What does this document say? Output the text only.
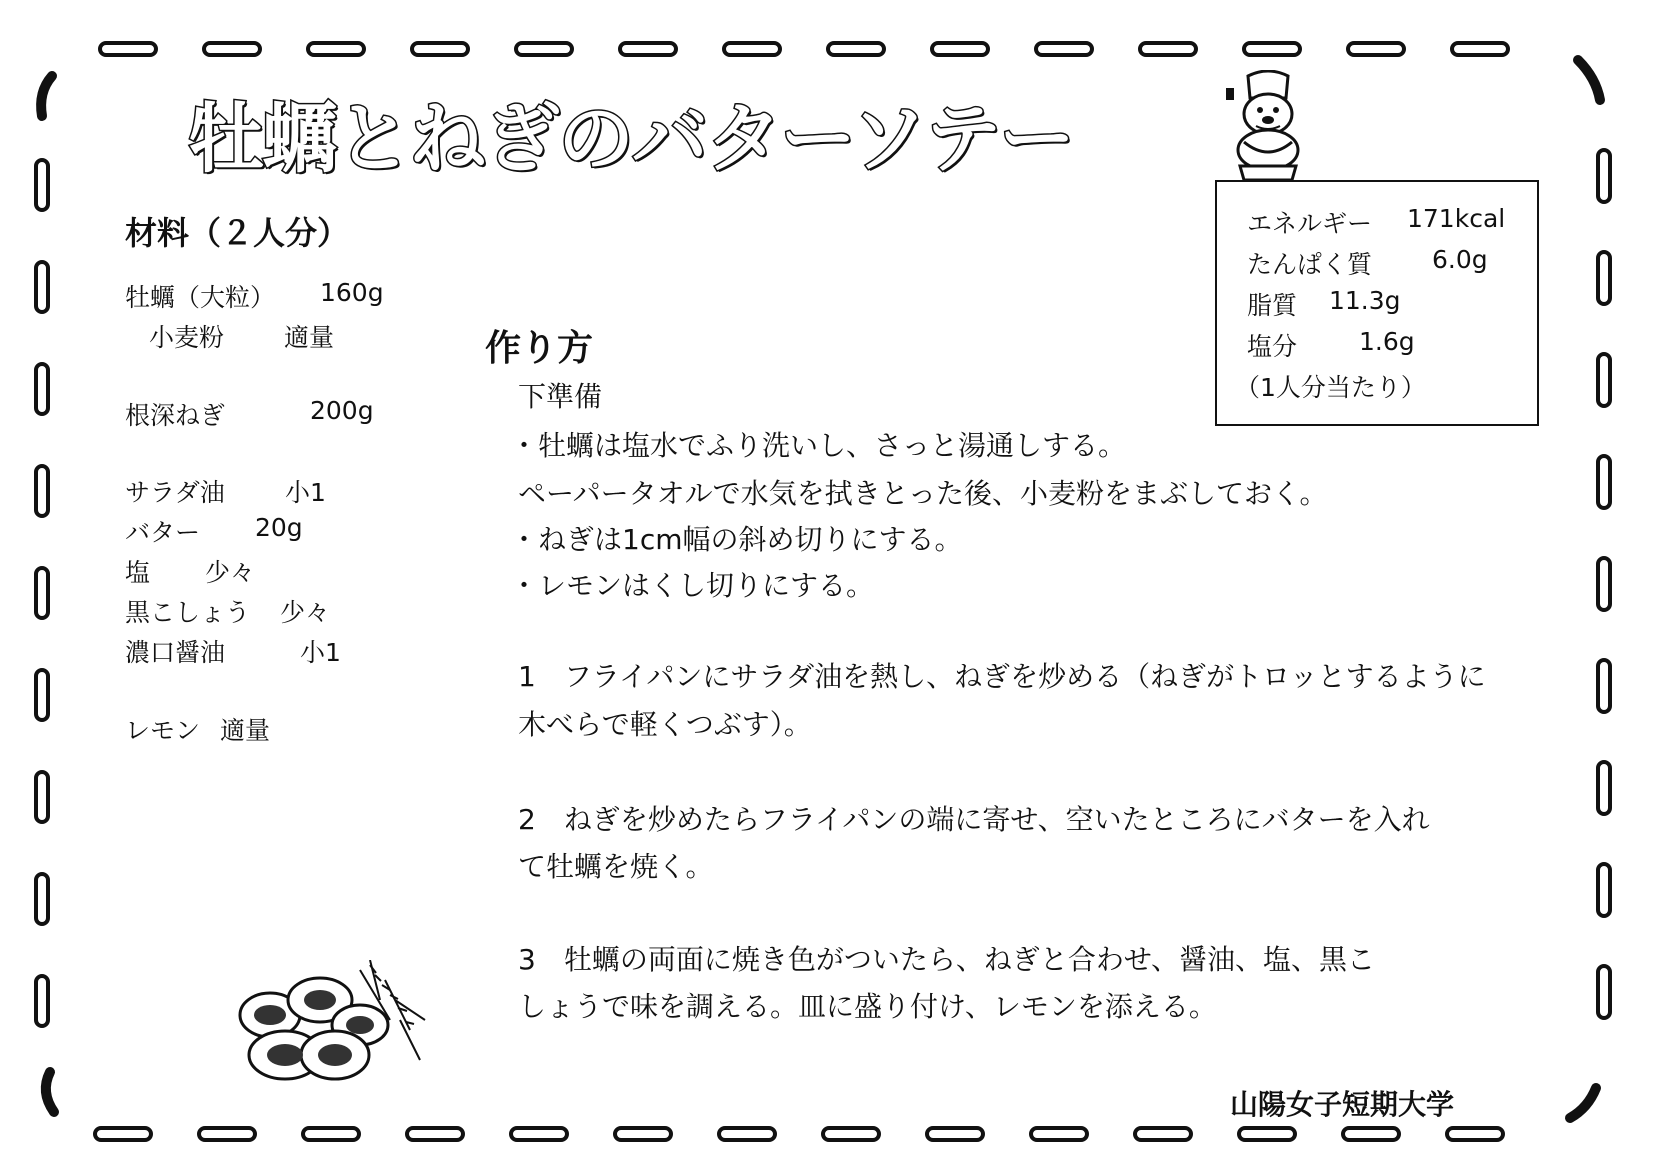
牡蠣とねぎのバターソテー
材料（２人分）
牡蠣（大粒） 160g
小麦粉 適量
根深ねぎ	200g
サラダ油 小1
バター 20g
塩 少々
黒こしょう 少々
濃口醤油	小1
レモン 適量
エネルギー 171kcal
たんぱく質 6.0g
脂質 11.3g
塩分 1.6g
（1人分当たり）
作り方
下準備
・牡蠣は塩水でふり洗いし、さっと湯通しする。
ペーパータオルで水気を拭きとった後、小麦粉をまぶしておく。
・ねぎは1cm幅の斜め切りにする。
・レモンはくし切りにする。
1　フライパンにサラダ油を熱し、ねぎを炒める（ねぎがトロッとするように
木べらで軽くつぶす）。
2　ねぎを炒めたらフライパンの端に寄せ、空いたところにバターを入れ
て牡蠣を焼く。
3　牡蠣の両面に焼き色がついたら、ねぎと合わせ、醤油、塩、黒こ
しょうで味を調える。皿に盛り付け、レモンを添える。
山陽女子短期大学
